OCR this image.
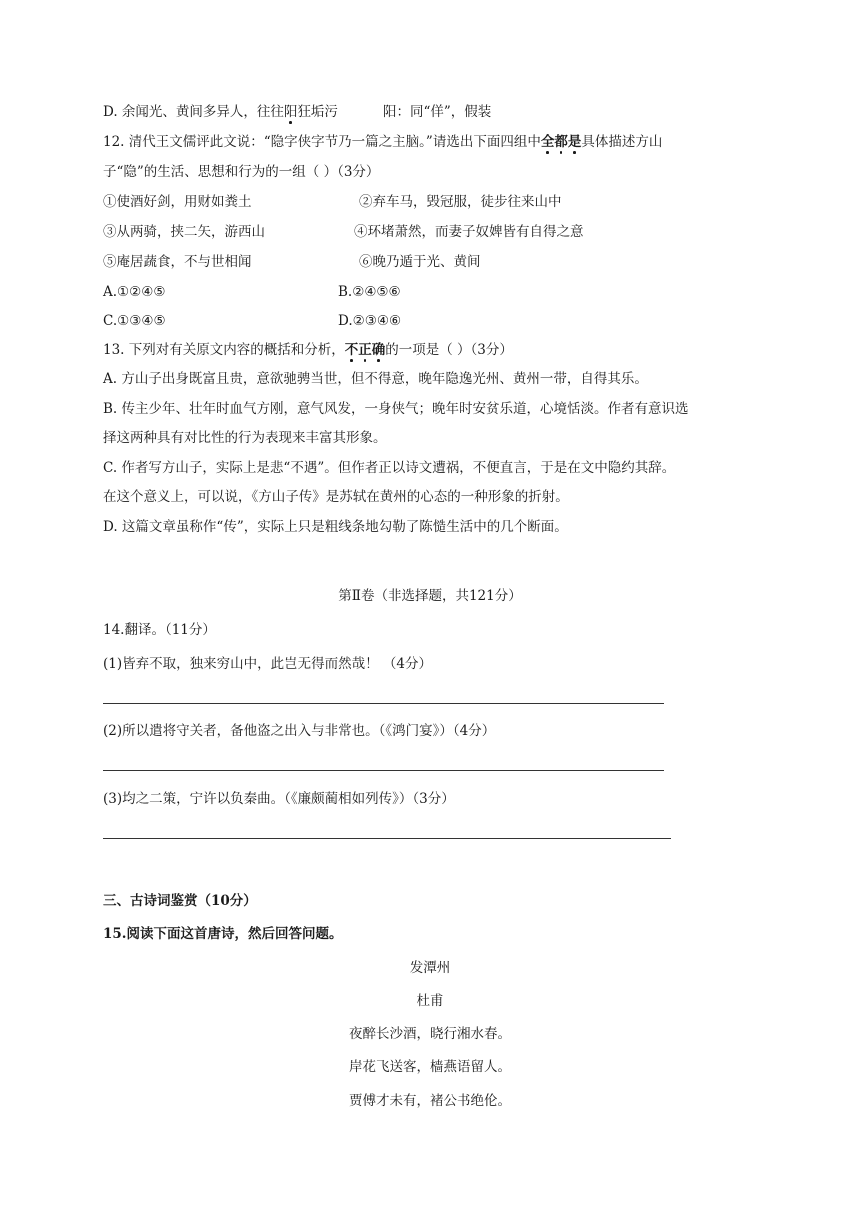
D. 余闻光、黄间多异人，往往阳狂垢污	阳：同“佯”，假装
12. 清代王文儒评此文说：“隐字侠字节乃一篇之主脑。”请选出下面四组中全都是具体描述方山
子“隐”的生活、思想和行为的一组（ ）（3分）
①使酒好剑，用财如粪土	②弃车马，毁冠服，徒步往来山中
③从两骑，挟二矢，游西山	④环堵萧然，而妻子奴婢皆有自得之意
⑤庵居蔬食，不与世相闻	⑥晚乃遁于光、黄间
A.①②④⑤	B.②④⑤⑥
C.①③④⑤	D.②③④⑥
13. 下列对有关原文内容的概括和分析，不正确的一项是（ ）（3分）
A. 方山子出身既富且贵，意欲驰骋当世，但不得意，晚年隐逸光州、黄州一带，自得其乐。
B. 传主少年、壮年时血气方刚，意气风发，一身侠气；晚年时安贫乐道，心境恬淡。作者有意识选
择这两种具有对比性的行为表现来丰富其形象。
C. 作者写方山子，实际上是悲“不遇”。但作者正以诗文遭祸，不便直言，于是在文中隐约其辞。
在这个意义上，可以说，《方山子传》是苏轼在黄州的心态的一种形象的折射。
D. 这篇文章虽称作“传”，实际上只是粗线条地勾勒了陈慥生活中的几个断面。
第Ⅱ卷（非选择题，共121分）
14.翻译。（11分）
(1)皆弃不取，独来穷山中，此岂无得而然哉！ （4分）
(2)所以遣将守关者，备他盗之出入与非常也。（《鸿门宴》）（4分）
(3)均之二策，宁许以负秦曲。（《廉颇蔺相如列传》）（3分）
三、古诗词鉴赏（10分）
15.阅读下面这首唐诗，然后回答问题。
发潭州
杜甫
夜醉长沙酒，晓行湘水春。
岸花飞送客，樯燕语留人。
贾傅才未有，褚公书绝伦。
